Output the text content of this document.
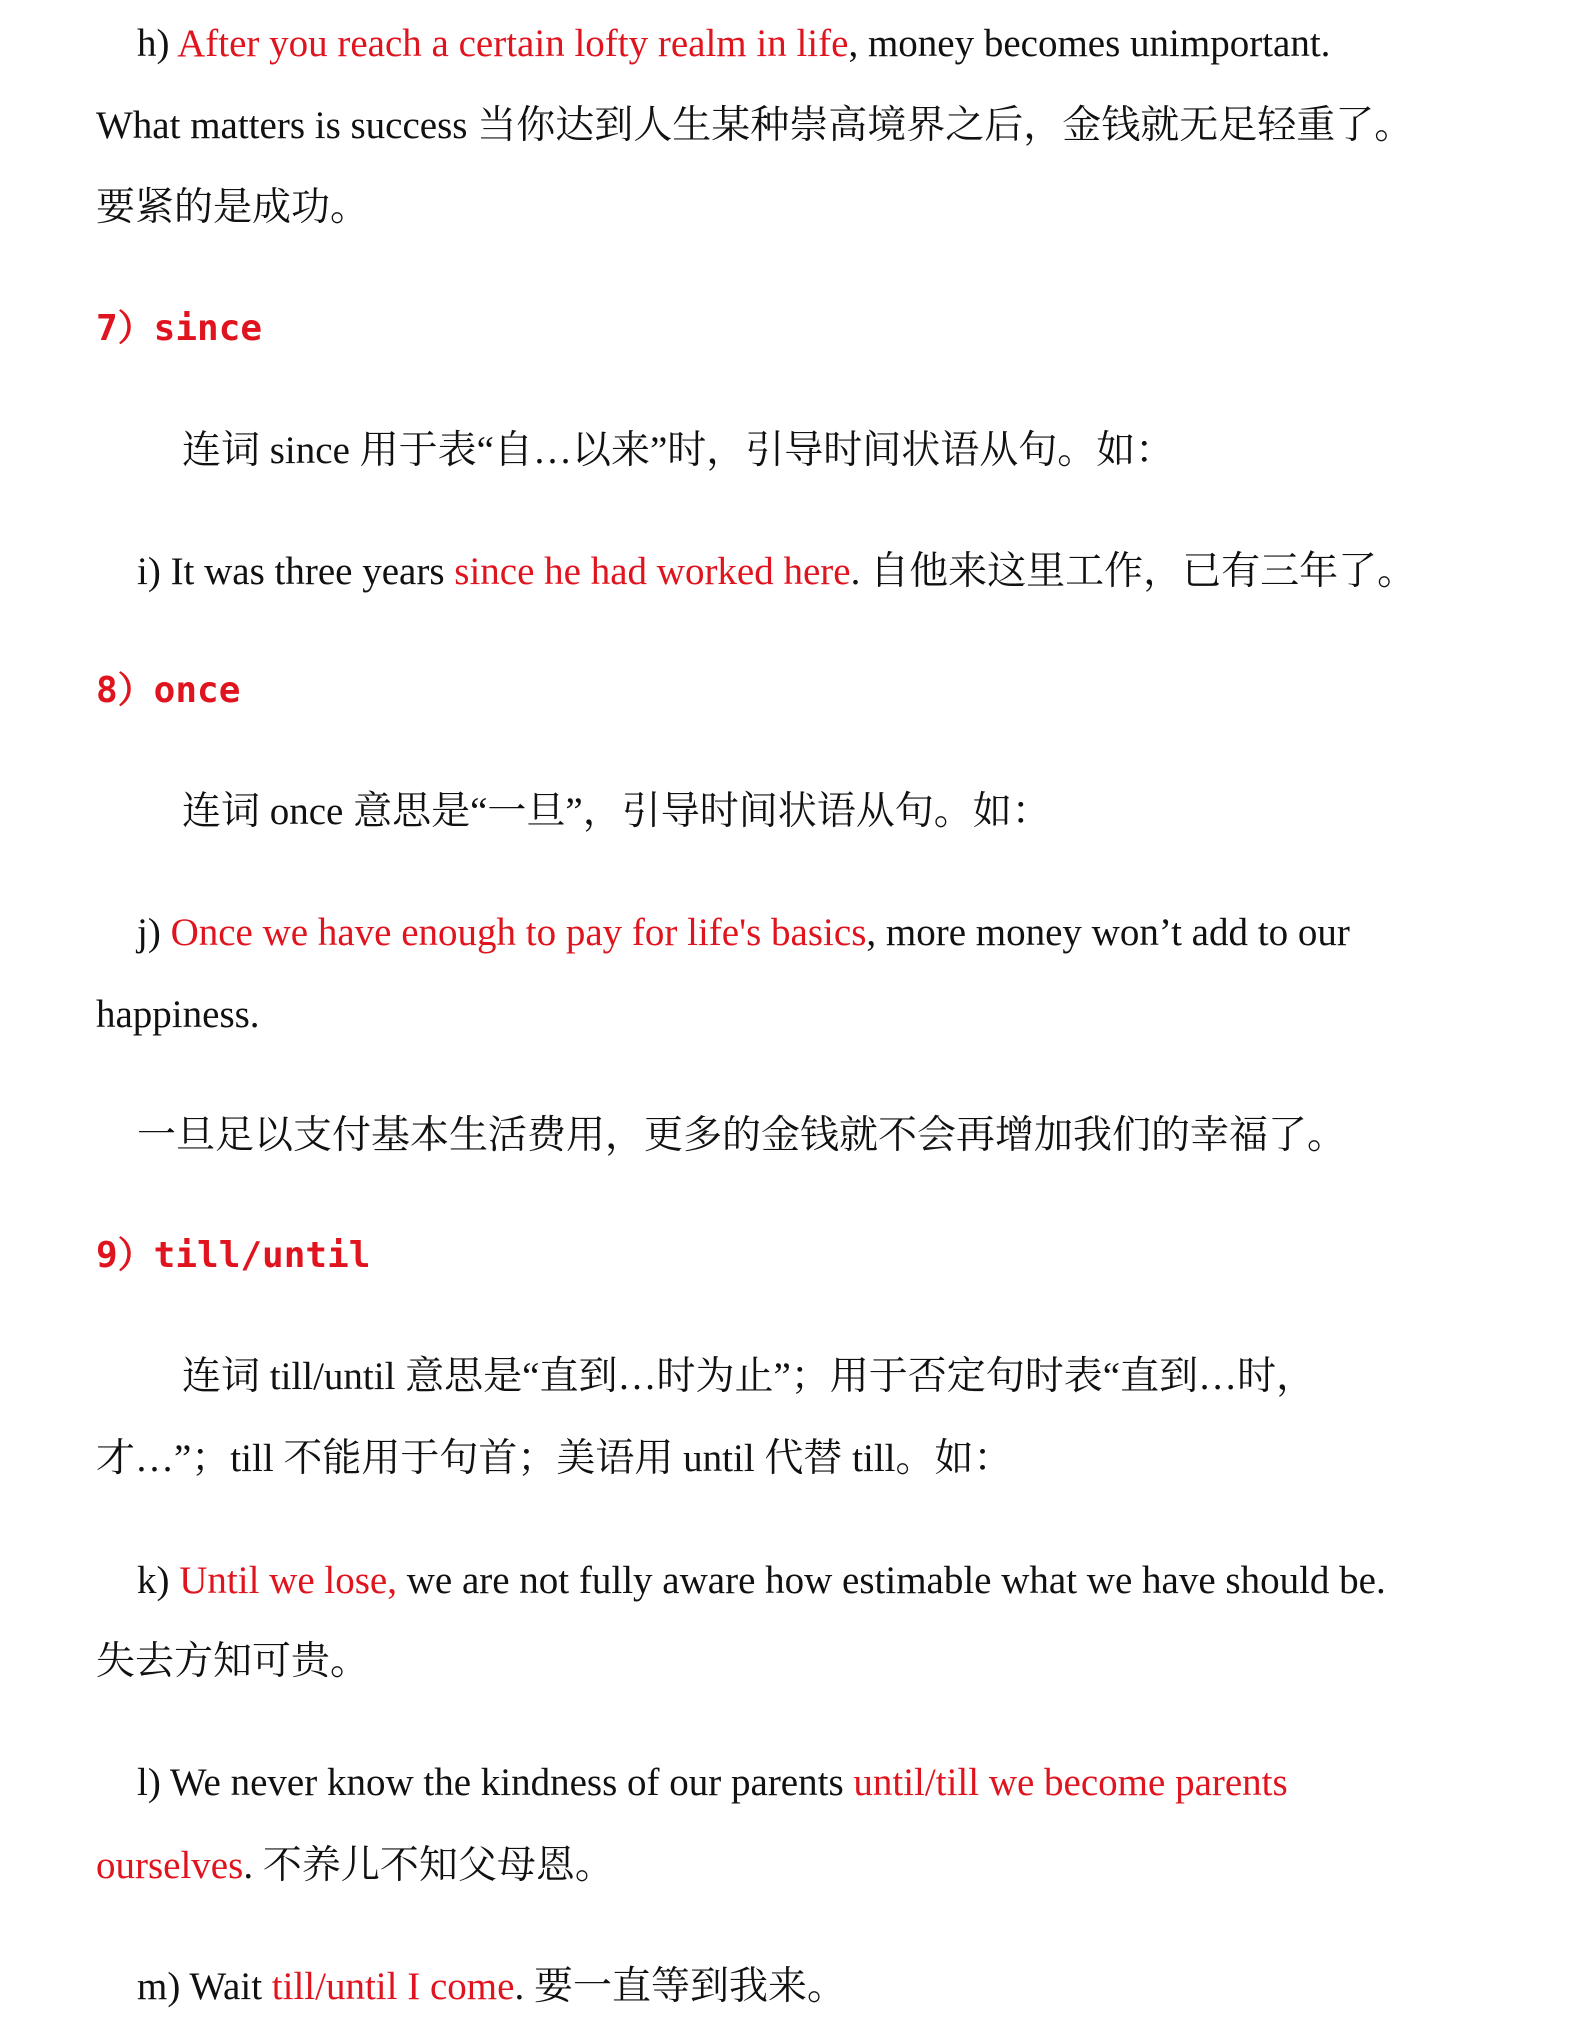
h) After you reach a certain lofty realm in life, money becomes unimportant.
What matters is success 当你达到人生某种崇高境界之后，金钱就无足轻重了。
要紧的是成功。
7）since
连词 since 用于表“自…以来”时，引导时间状语从句。如：
i) It was three years since he had worked here. 自他来这里工作，已有三年了。
8）once
连词 once 意思是“一旦”，引导时间状语从句。如：
j) Once we have enough to pay for life's basics, more money won’t add to our
happiness.
一旦足以支付基本生活费用，更多的金钱就不会再增加我们的幸福了。
9）till/until
连词 till/until 意思是“直到…时为止”；用于否定句时表“直到…时，
才…”；till 不能用于句首；美语用 until 代替 till。如：
k) Until we lose, we are not fully aware how estimable what we have should be.
失去方知可贵。
l) We never know the kindness of our parents until/till we become parents
ourselves. 不养儿不知父母恩。
m) Wait till/until I come. 要一直等到我来。
